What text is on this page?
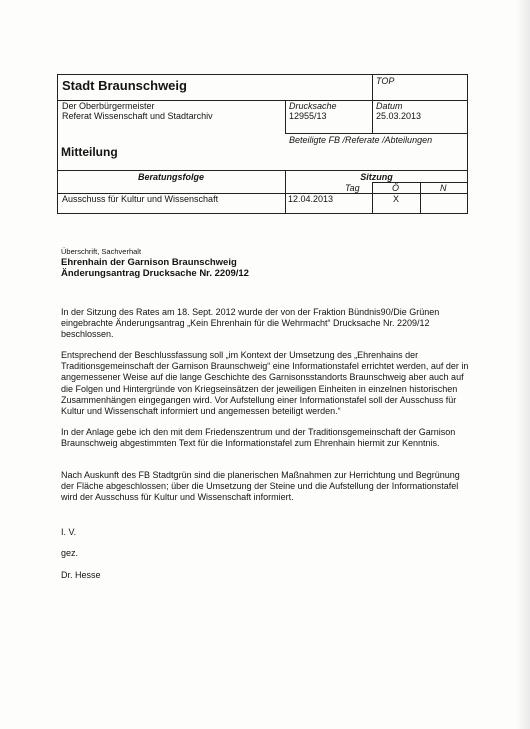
Stadt Braunschweig	TOP
Der Oberbürgermeister
Referat Wissenschaft und Stadtarchiv
Drucksache
12955/13
Datum
25.03.2013
Mitteilung
Beteiligte FB /Referate /Abteilungen
Beratungsfolge	Sitzung
Tag	Ö	N
Ausschuss für Kultur und Wissenschaft	12.04.2013	X
Überschrift, Sachverhalt
Ehrenhain der Garnison Braunschweig
Änderungsantrag Drucksache Nr. 2209/12
In der Sitzung des Rates am 18. Sept. 2012 wurde der von der Fraktion Bündnis90/Die Grünen eingebrachte Änderungsantrag „Kein Ehrenhain für die Wehrmacht“ Drucksache Nr. 2209/12 beschlossen.
Entsprechend der Beschlussfassung soll „im Kontext der Umsetzung des „Ehrenhains der Traditionsgemeinschaft der Garnison Braunschweig“ eine Informationstafel errichtet werden, auf der in angemessener Weise auf die lange Geschichte des Garnisonsstandorts Braunschweig aber auch auf die Folgen und Hintergründe von Kriegseinsätzen der jeweiligen Einheiten in einzelnen historischen Zusammenhängen eingegangen wird. Vor Aufstellung einer Informationstafel soll der Ausschuss für Kultur und Wissenschaft informiert und angemessen beteiligt werden.“
In der Anlage gebe ich den mit dem Friedenszentrum und der Traditionsgemeinschaft der Garnison Braunschweig abgestimmten Text für die Informationstafel zum Ehrenhain hiermit zur Kenntnis.
Nach Auskunft des FB Stadtgrün sind die planerischen Maßnahmen zur Herrichtung und Begrünung der Fläche abgeschlossen; über die Umsetzung der Steine und die Aufstellung der Informationstafel wird der Ausschuss für Kultur und Wissenschaft informiert.
I. V.
gez.
Dr. Hesse
